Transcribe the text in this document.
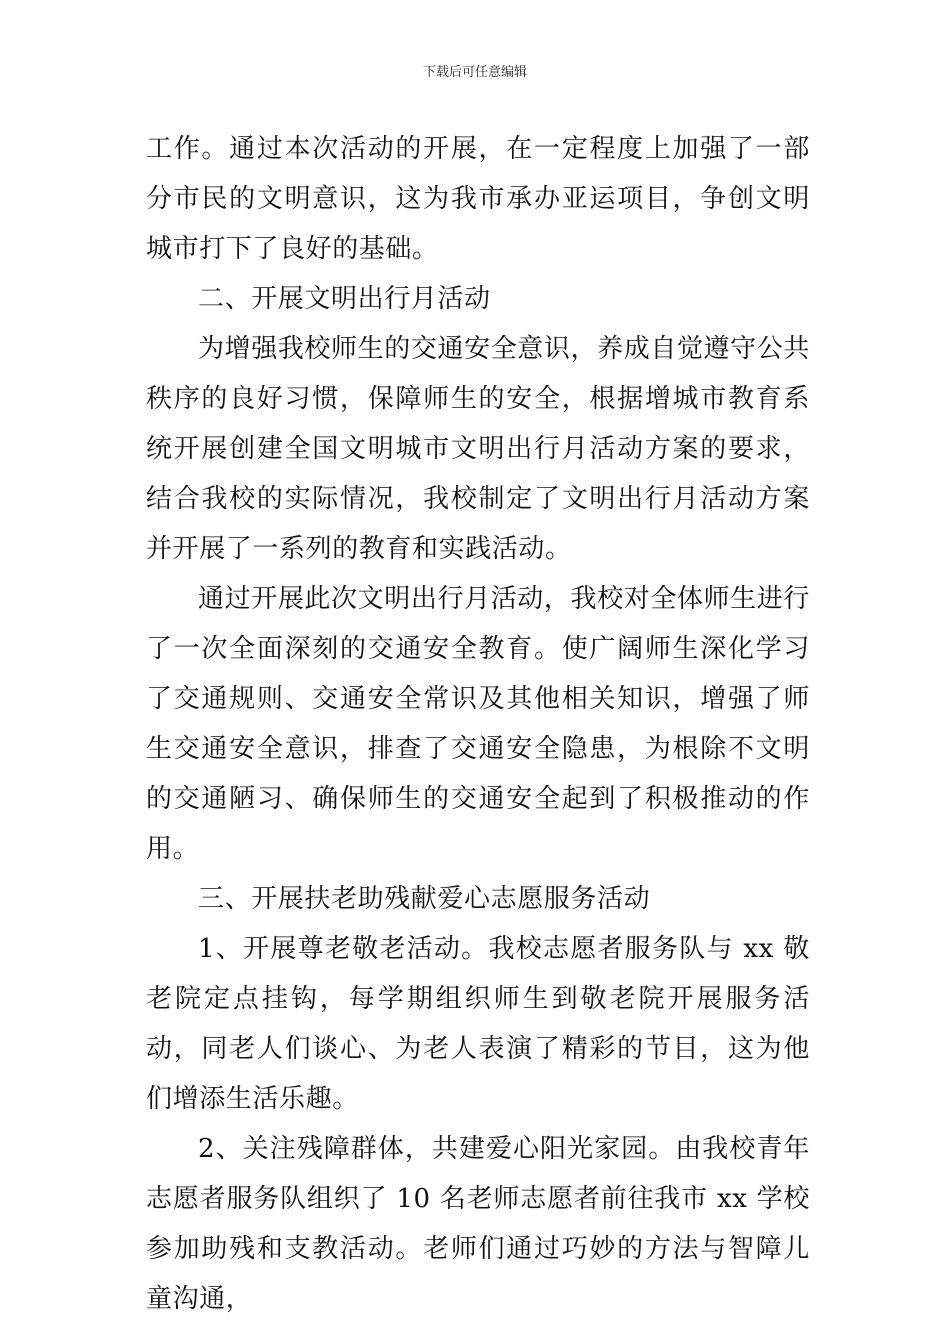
下载后可任意编辑

工作。通过本次活动的开展，在一定程度上加强了一部分市民的文明意识，这为我市承办亚运项目，争创文明城市打下了良好的基础。

二、开展文明出行月活动

为增强我校师生的交通安全意识，养成自觉遵守公共秩序的良好习惯，保障师生的安全，根据增城市教育系统开展创建全国文明城市文明出行月活动方案的要求，结合我校的实际情况，我校制定了文明出行月活动方案并开展了一系列的教育和实践活动。

通过开展此次文明出行月活动，我校对全体师生进行了一次全面深刻的交通安全教育。使广阔师生深化学习了交通规则、交通安全常识及其他相关知识，增强了师生交通安全意识，排查了交通安全隐患，为根除不文明的交通陋习、确保师生的交通安全起到了积极推动的作用。

三、开展扶老助残献爱心志愿服务活动

1、开展尊老敬老活动。我校志愿者服务队与 xx 敬老院定点挂钩，每学期组织师生到敬老院开展服务活动，同老人们谈心、为老人表演了精彩的节目，这为他们增添生活乐趣。

2、关注残障群体，共建爱心阳光家园。由我校青年志愿者服务队组织了 10 名老师志愿者前往我市 xx 学校参加助残和支教活动。老师们通过巧妙的方法与智障儿童沟通，
